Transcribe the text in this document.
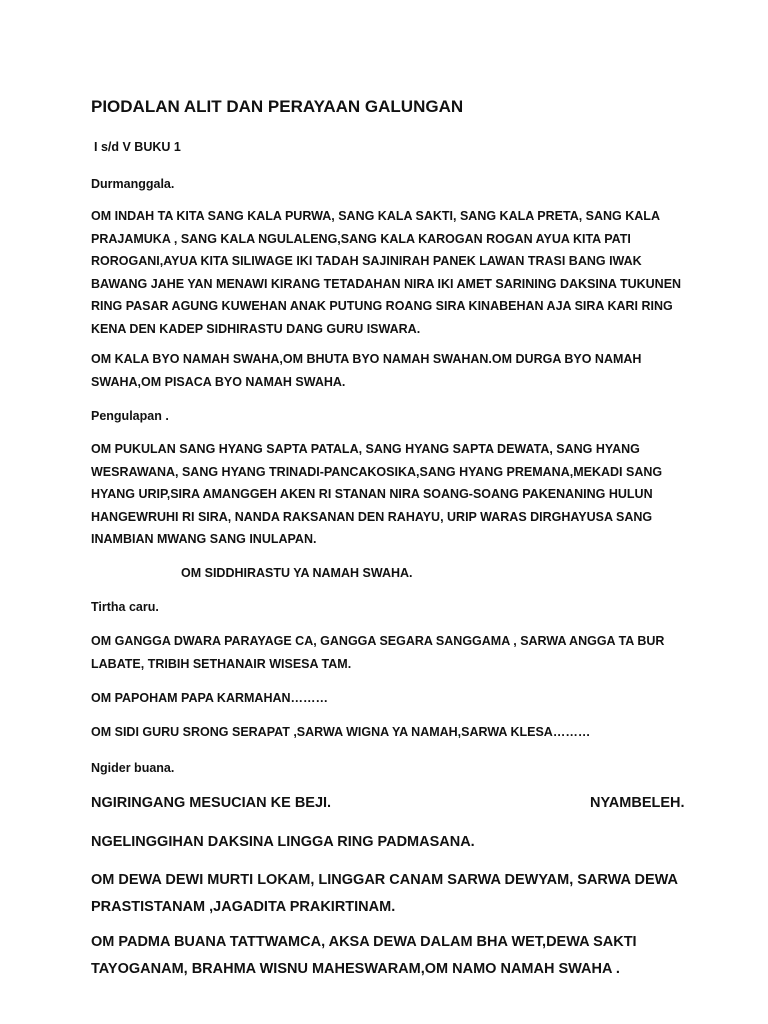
PIODALAN ALIT DAN PERAYAAN GALUNGAN

I s/d V BUKU 1

Durmanggala.

OM INDAH TA KITA SANG KALA PURWA, SANG KALA SAKTI, SANG KALA PRETA, SANG KALA
PRAJAMUKA , SANG KALA NGULALENG,SANG KALA KAROGAN ROGAN AYUA KITA PATI
ROROGANI,AYUA KITA SILIWAGE IKI TADAH SAJINIRAH PANEK LAWAN TRASI BANG IWAK
BAWANG JAHE YAN MENAWI KIRANG TETADAHAN NIRA IKI AMET SARINING DAKSINA TUKUNEN
RING PASAR AGUNG KUWEHAN ANAK PUTUNG ROANG SIRA KINABEHAN AJA SIRA KARI RING
KENA DEN KADEP SIDHIRASTU DANG GURU ISWARA.
OM KALA BYO NAMAH SWAHA,OM BHUTA BYO NAMAH SWAHAN.OM DURGA BYO NAMAH
SWAHA,OM PISACA BYO NAMAH SWAHA.

Pengulapan .

OM PUKULAN SANG HYANG SAPTA PATALA, SANG HYANG SAPTA DEWATA, SANG HYANG
WESRAWANA, SANG HYANG TRINADI-PANCAKOSIKA,SANG HYANG PREMANA,MEKADI SANG
HYANG URIP,SIRA AMANGGEH AKEN RI STANAN NIRA SOANG-SOANG PAKENANING HULUN
HANGEWRUHI RI SIRA, NANDA RAKSANAN DEN RAHAYU, URIP WARAS DIRGHAYUSA SANG
INAMBIAN MWANG SANG INULAPAN.

OM SIDDHIRASTU YA NAMAH SWAHA.

Tirtha caru.

OM GANGGA DWARA PARAYAGE CA, GANGGA SEGARA SANGGAMA , SARWA ANGGA TA BUR
LABATE, TRIBIH SETHANAIR WISESA TAM.

OM PAPOHAM PAPA KARMAHAN………

OM SIDI GURU SRONG SERAPAT ,SARWA WIGNA YA NAMAH,SARWA KLESA………

Ngider buana.

NGIRINGANG MESUCIAN KE BEJI.	NYAMBELEH.

NGELINGGIHAN DAKSINA LINGGA RING PADMASANA.

OM DEWA DEWI MURTI LOKAM, LINGGAR CANAM SARWA DEWYAM, SARWA DEWA
PRASTISTANAM ,JAGADITA PRAKIRTINAM.
OM PADMA BUANA TATTWAMCA, AKSA DEWA DALAM BHA WET,DEWA SAKTI
TAYOGANAM, BRAHMA WISNU MAHESWARAM,OM NAMO NAMAH SWAHA .
